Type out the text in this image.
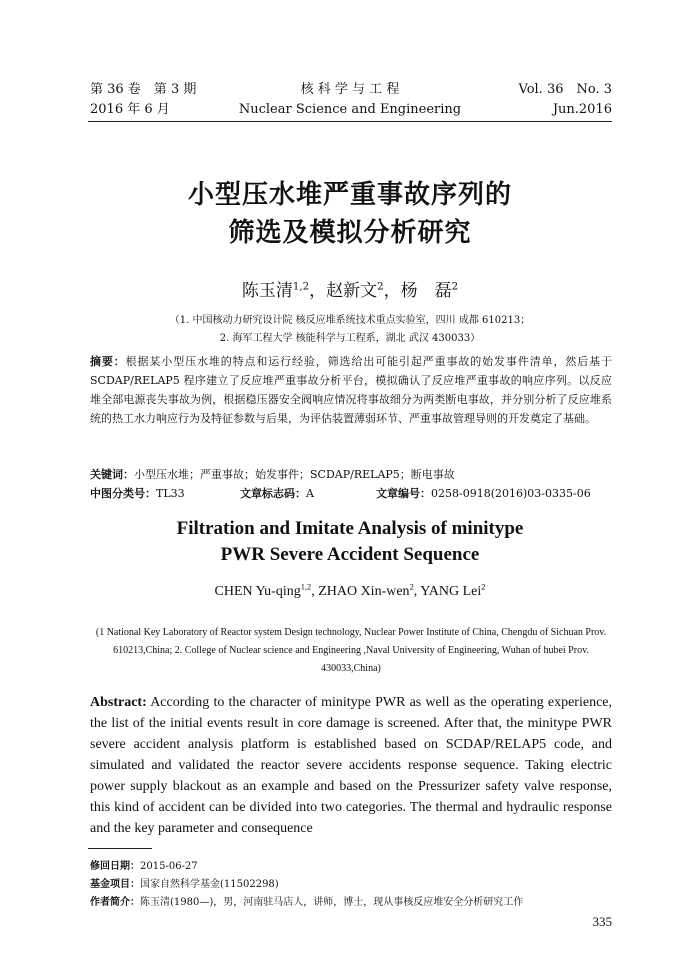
第 36 卷　第 3 期
2016 年 6 月
核 科 学 与 工 程
Nuclear Science and Engineering
Vol. 36　No. 3
Jun.2016
小型压水堆严重事故序列的
筛选及模拟分析研究
陈玉清$^{1,2}$，赵新文$^2$，杨　磊$^2$
（1. 中国核动力研究设计院 核反应堆系统技术重点实验室，四川 成都 610213；
2. 海军工程大学 核能科学与工程系，湖北 武汉 430033）
摘要：根据某小型压水堆的特点和运行经验，筛选给出可能引起严重事故的始发事件清单，然后基于SCDAP/RELAP5 程序建立了反应堆严重事故分析平台，模拟确认了反应堆严重事故的响应序列。以反应堆全部电源丧失事故为例，根据稳压器安全阀响应情况将事故细分为两类断电事故，并分别分析了反应堆系统的热工水力响应行为及特征参数与后果，为评估装置薄弱环节、严重事故管理导则的开发奠定了基础。
关键词：小型压水堆；严重事故；始发事件；SCDAP/RELAP5；断电事故
中图分类号：TL33	文章标志码：A	文章编号：0258-0918(2016)03-0335-06
Filtration and Imitate Analysis of minitype
PWR Severe Accident Sequence
CHEN Yu-qing$^{1,2}$, ZHAO Xin-wen$^2$, YANG Lei$^2$
(1 National Key Laboratory of Reactor system Design technology, Nuclear Power Institute of China, Chengdu of Sichuan Prov. 610213,China; 2. College of Nuclear science and Engineering ,Naval University of Engineering, Wuhan of hubei Prov. 430033,China)
Abstract: According to the character of minitype PWR as well as the operating experience, the list of the initial events result in core damage is screened. After that, the minitype PWR severe accident analysis platform is established based on SCDAP/RELAP5 code, and simulated and validated the reactor severe accidents response sequence. Taking electric power supply blackout as an example and based on the Pressurizer safety valve response, this kind of accident can be divided into two categories. The thermal and hydraulic response and the key parameter and consequence
修回日期：2015-06-27
基金项目：国家自然科学基金(11502298)
作者简介：陈玉清(1980—)，男，河南驻马店人，讲师，博士，现从事核反应堆安全分析研究工作
335
